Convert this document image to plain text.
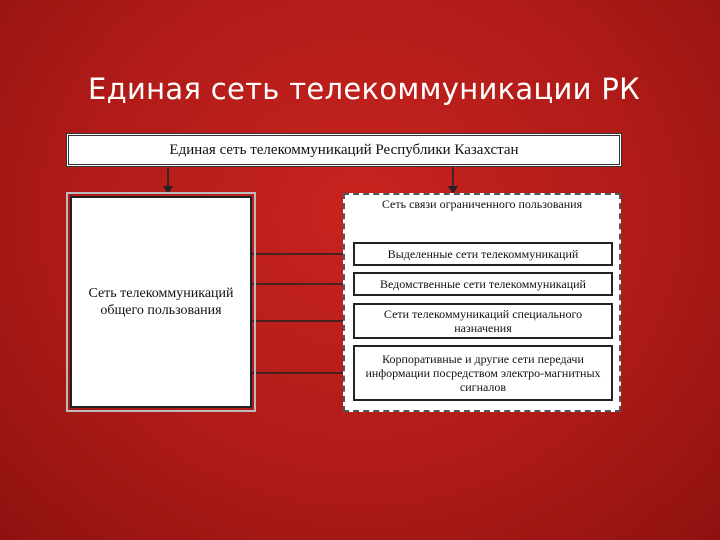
Единая сеть телекоммуникации РК
Единая сеть телекоммуникаций Республики Казахстан
Сеть телекоммуникаций общего пользования
Сеть связи ограниченного пользования
Выделенные сети телекоммуникаций
Ведомственные сети телекоммуникаций
Сети телекоммуникаций специального назначения
Корпоративные и другие сети передачи информации посредством электро-магнитных сигналов
